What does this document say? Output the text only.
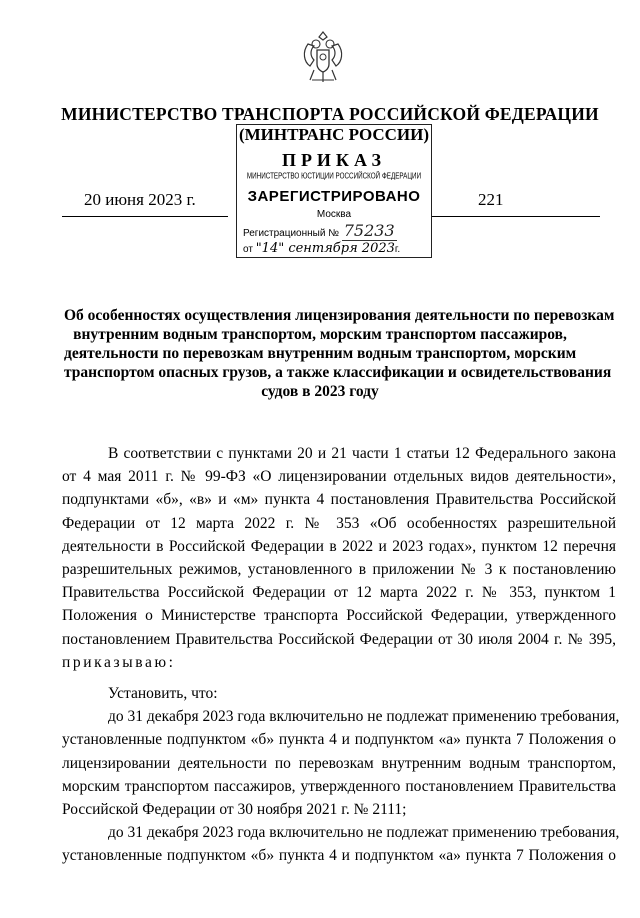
МИНИСТЕРСТВО ТРАНСПОРТА РОССИЙСКОЙ ФЕДЕРАЦИИ
(МИНТРАНС РОССИИ)
ПРИКАЗ
МИНИСТЕРСТВО ЮСТИЦИИ РОССИЙСКОЙ ФЕДЕРАЦИИ
ЗАРЕГИСТРИРОВАНО
Москва
Регистрационный № 75233
от "14" сентября 2023г.
20 июня 2023 г.	221
Об особенностях осуществления лицензирования деятельности по перевозкам
внутренним водным транспортом, морским транспортом пассажиров,
деятельности по перевозкам внутренним водным транспортом, морским
транспортом опасных грузов, а также классификации и освидетельствования
судов в 2023 году
В соответствии с пунктами 20 и 21 части 1 статьи 12 Федерального закона
от 4 мая 2011 г. № 99-ФЗ «О лицензировании отдельных видов деятельности»,
подпунктами «б», «в» и «м» пункта 4 постановления Правительства Российской
Федерации от 12 марта 2022 г. № 353 «Об особенностях разрешительной
деятельности в Российской Федерации в 2022 и 2023 годах», пунктом 12 перечня
разрешительных режимов, установленного в приложении № 3 к постановлению
Правительства Российской Федерации от 12 марта 2022 г. № 353, пунктом 1
Положения о Министерстве транспорта Российской Федерации, утвержденного
постановлением Правительства Российской Федерации от 30 июля 2004 г. № 395,
приказываю:
Установить, что:
до 31 декабря 2023 года включительно не подлежат применению требования,
установленные подпунктом «б» пункта 4 и подпунктом «а» пункта 7 Положения о
лицензировании деятельности по перевозкам внутренним водным транспортом,
морским транспортом пассажиров, утвержденного постановлением Правительства
Российской Федерации от 30 ноября 2021 г. № 2111;
до 31 декабря 2023 года включительно не подлежат применению требования,
установленные подпунктом «б» пункта 4 и подпунктом «а» пункта 7 Положения о
